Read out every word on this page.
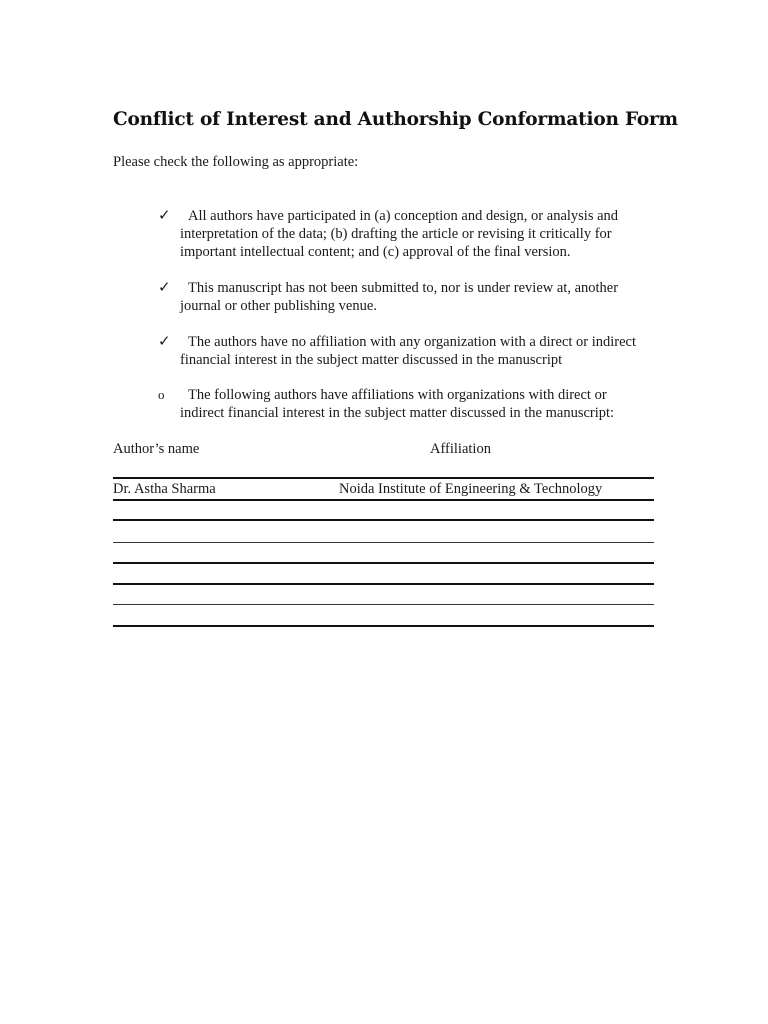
Conflict of Interest and Authorship Conformation Form
Please check the following as appropriate:
✓	All authors have participated in (a) conception and design, or analysis and
interpretation of the data; (b) drafting the article or revising it critically for
important intellectual content; and (c) approval of the final version.
✓	This manuscript has not been submitted to, nor is under review at, another
journal or other publishing venue.
✓	The authors have no affiliation with any organization with a direct or indirect
financial interest in the subject matter discussed in the manuscript
o	The following authors have affiliations with organizations with direct or
indirect financial interest in the subject matter discussed in the manuscript:
Author’s name	Affiliation
Dr. Astha Sharma	Noida Institute of Engineering & Technology
